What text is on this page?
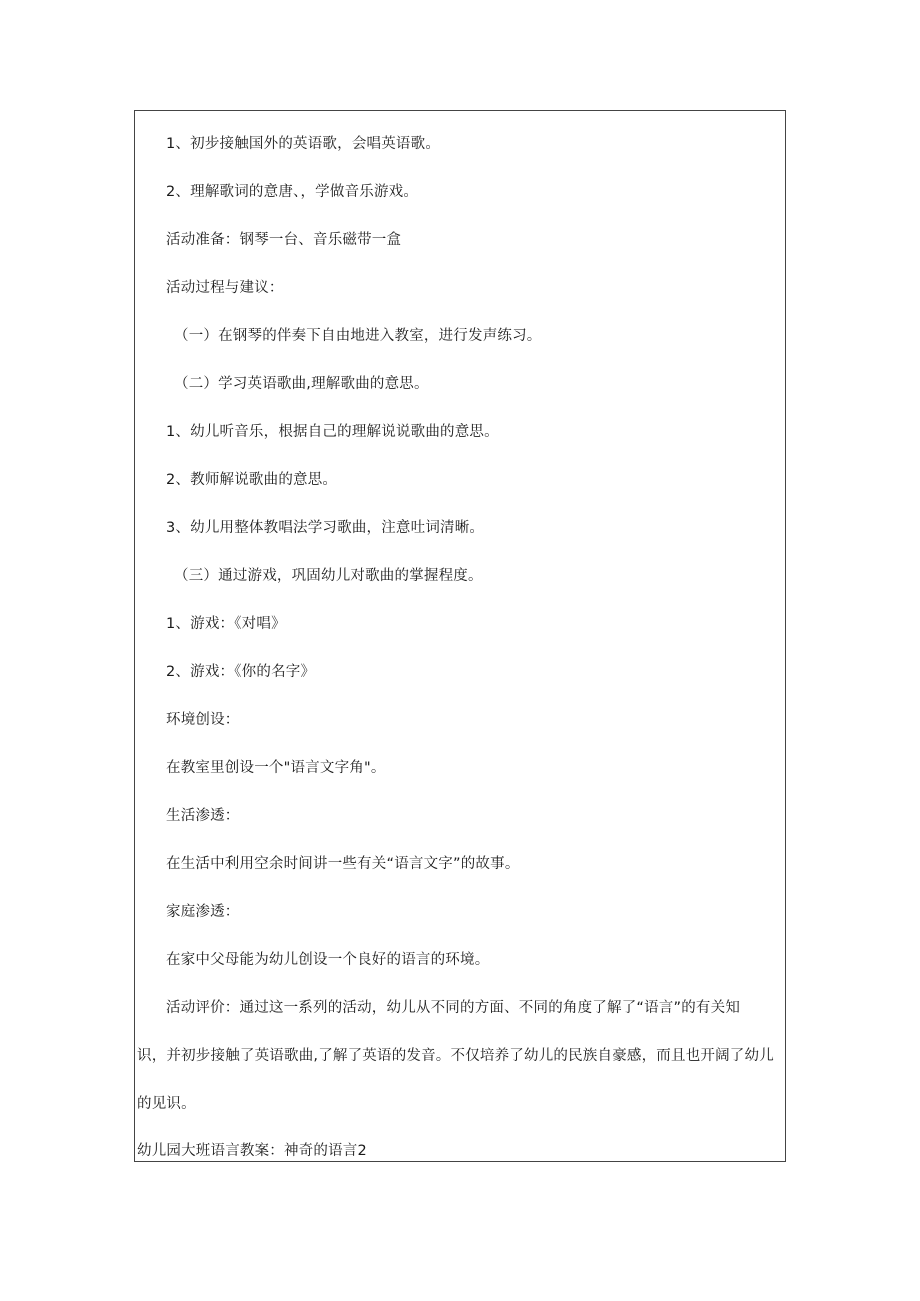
1、初步接触国外的英语歌，会唱英语歌。
2、理解歌词的意唐、，学做音乐游戏。
活动准备：钢琴一台、音乐磁带一盒
活动过程与建议：
（一）在钢琴的伴奏下自由地进入教室，进行发声练习。
（二）学习英语歌曲,理解歌曲的意思。
1、幼儿听音乐，根据自己的理解说说歌曲的意思。
2、教师解说歌曲的意思。
3、幼儿用整体教唱法学习歌曲，注意吐词清晰。
（三）通过游戏，巩固幼儿对歌曲的掌握程度。
1、游戏：《对唱》
2、游戏：《你的名字》
环境创设：
在教室里创设一个"语言文字角"。
生活渗透：
在生活中利用空余时间讲一些有关“语言文字”的故事。
家庭渗透：
在家中父母能为幼儿创设一个良好的语言的环境。
活动评价：通过这一系列的活动，幼儿从不同的方面、不同的角度了解了“语言”的有关知
识，并初步接触了英语歌曲,了解了英语的发音。不仅培养了幼儿的民族自豪感，而且也开阔了幼儿
的见识。
幼儿园大班语言教案：神奇的语言2
